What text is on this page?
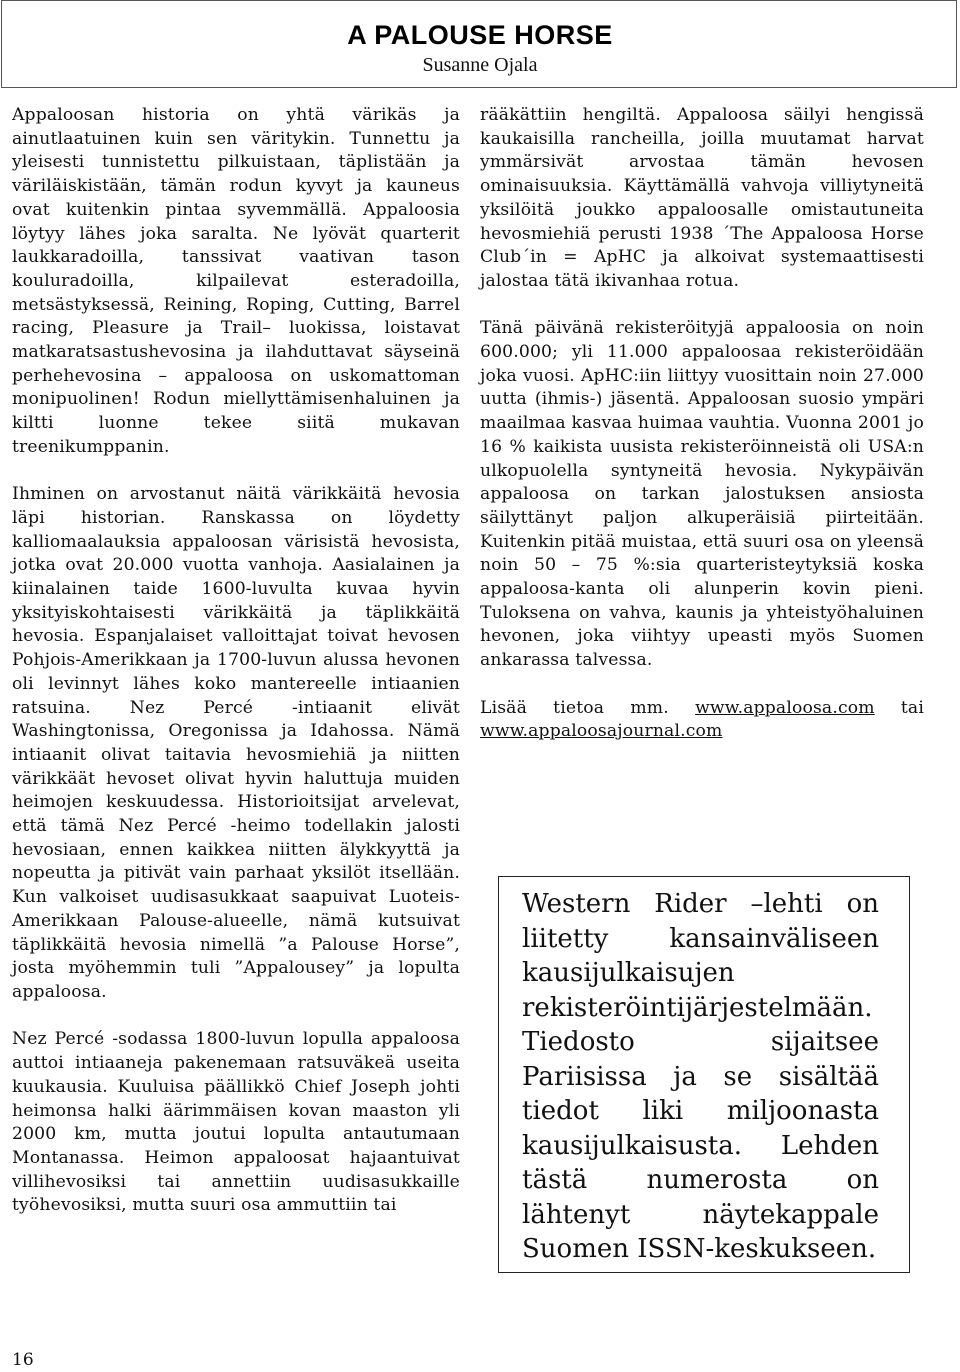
A PALOUSE HORSE
Susanne Ojala

Appaloosan historia on yhtä värikäs ja ainutlaatuinen kuin sen väritykin. Tunnettu ja yleisesti tunnistettu pilkuistaan, täplistään ja väriläiskistään, tämän rodun kyvyt ja kauneus ovat kuitenkin pintaa syvemmällä. Appaloosia löytyy lähes joka saralta. Ne lyövät quarterit laukkaradoilla, tanssivat vaativan tason kouluradoilla, kilpailevat esteradoilla, metsästyksessä, Reining, Roping, Cutting, Barrel racing, Pleasure ja Trail– luokissa, loistavat matkaratsastushevosina ja ilahduttavat säyseinä perhehevosina – appaloosa on uskomattoman monipuolinen! Rodun miellyttämisenhaluinen ja kiltti luonne tekee siitä mukavan treenikumppanin.

Ihminen on arvostanut näitä värikkäitä hevosia läpi historian. Ranskassa on löydetty kalliomaalauksia appaloosan värisistä hevosista, jotka ovat 20.000 vuotta vanhoja. Aasialainen ja kiinalainen taide 1600-luvulta kuvaa hyvin yksityiskohtaisesti värikkäitä ja täplikkäitä hevosia. Espanjalaiset valloittajat toivat hevosen Pohjois-Amerikkaan ja 1700-luvun alussa hevonen oli levinnyt lähes koko mantereelle intiaanien ratsuina. Nez Percé -intiaanit elivät Washingtonissa, Oregonissa ja Idahossa. Nämä intiaanit olivat taitavia hevosmiehiä ja niitten värikkäät hevoset olivat hyvin haluttuja muiden heimojen keskuudessa. Historioitsijat arvelevat, että tämä Nez Percé -heimo todellakin jalosti hevosiaan, ennen kaikkea niitten älykkyyttä ja nopeutta ja pitivät vain parhaat yksilöt itsellään. Kun valkoiset uudisasukkaat saapuivat Luoteis-Amerikkaan Palouse-alueelle, nämä kutsuivat täplikkäitä hevosia nimellä ”a Palouse Horse”, josta myöhemmin tuli ”Appalousey” ja lopulta appaloosa.

Nez Percé -sodassa 1800-luvun lopulla appaloosa auttoi intiaaneja pakenemaan ratsuväkeä useita kuukausia. Kuuluisa päällikkö Chief Joseph johti heimonsa halki äärimmäisen kovan maaston yli 2000 km, mutta joutui lopulta antautumaan Montanassa. Heimon appaloosat hajaantuivat villihevosiksi tai annettiin uudisasukkaille työhevosiksi, mutta suuri osa ammuttiin tai

rääkättiin hengiltä. Appaloosa säilyi hengissä kaukaisilla rancheilla, joilla muutamat harvat ymmärsivät arvostaa tämän hevosen ominaisuuksia. Käyttämällä vahvoja villiytyneitä yksilöitä joukko appaloosalle omistautuneita hevosmiehiä perusti 1938 ´The Appaloosa Horse Club´in = ApHC ja alkoivat systemaattisesti jalostaa tätä ikivanhaa rotua.

Tänä päivänä rekisteröityjä appaloosia on noin 600.000; yli 11.000 appaloosaa rekisteröidään joka vuosi. ApHC:iin liittyy vuosittain noin 27.000 uutta (ihmis-) jäsentä. Appaloosan suosio ympäri maailmaa kasvaa huimaa vauhtia. Vuonna 2001 jo 16 % kaikista uusista rekisteröinneistä oli USA:n ulkopuolella syntyneitä hevosia. Nykypäivän appaloosa on tarkan jalostuksen ansiosta säilyttänyt paljon alkuperäisiä piirteitään. Kuitenkin pitää muistaa, että suuri osa on yleensä noin 50 – 75 %:sia quarteristeytyksiä koska appaloosa-kanta oli alunperin kovin pieni. Tuloksena on vahva, kaunis ja yhteistyöhaluinen hevonen, joka viihtyy upeasti myös Suomen ankarassa talvessa.

Lisää tietoa mm. www.appaloosa.com tai www.appaloosajournal.com

Western Rider –lehti on liitetty kansainväliseen kausijulkaisujen rekisteröintijärjestelmään. Tiedosto sijaitsee Pariisissa ja se sisältää tiedot liki miljoonasta kausijulkaisusta. Lehden tästä numerosta on lähtenyt näytekappale Suomen ISSN-keskukseen.
16
